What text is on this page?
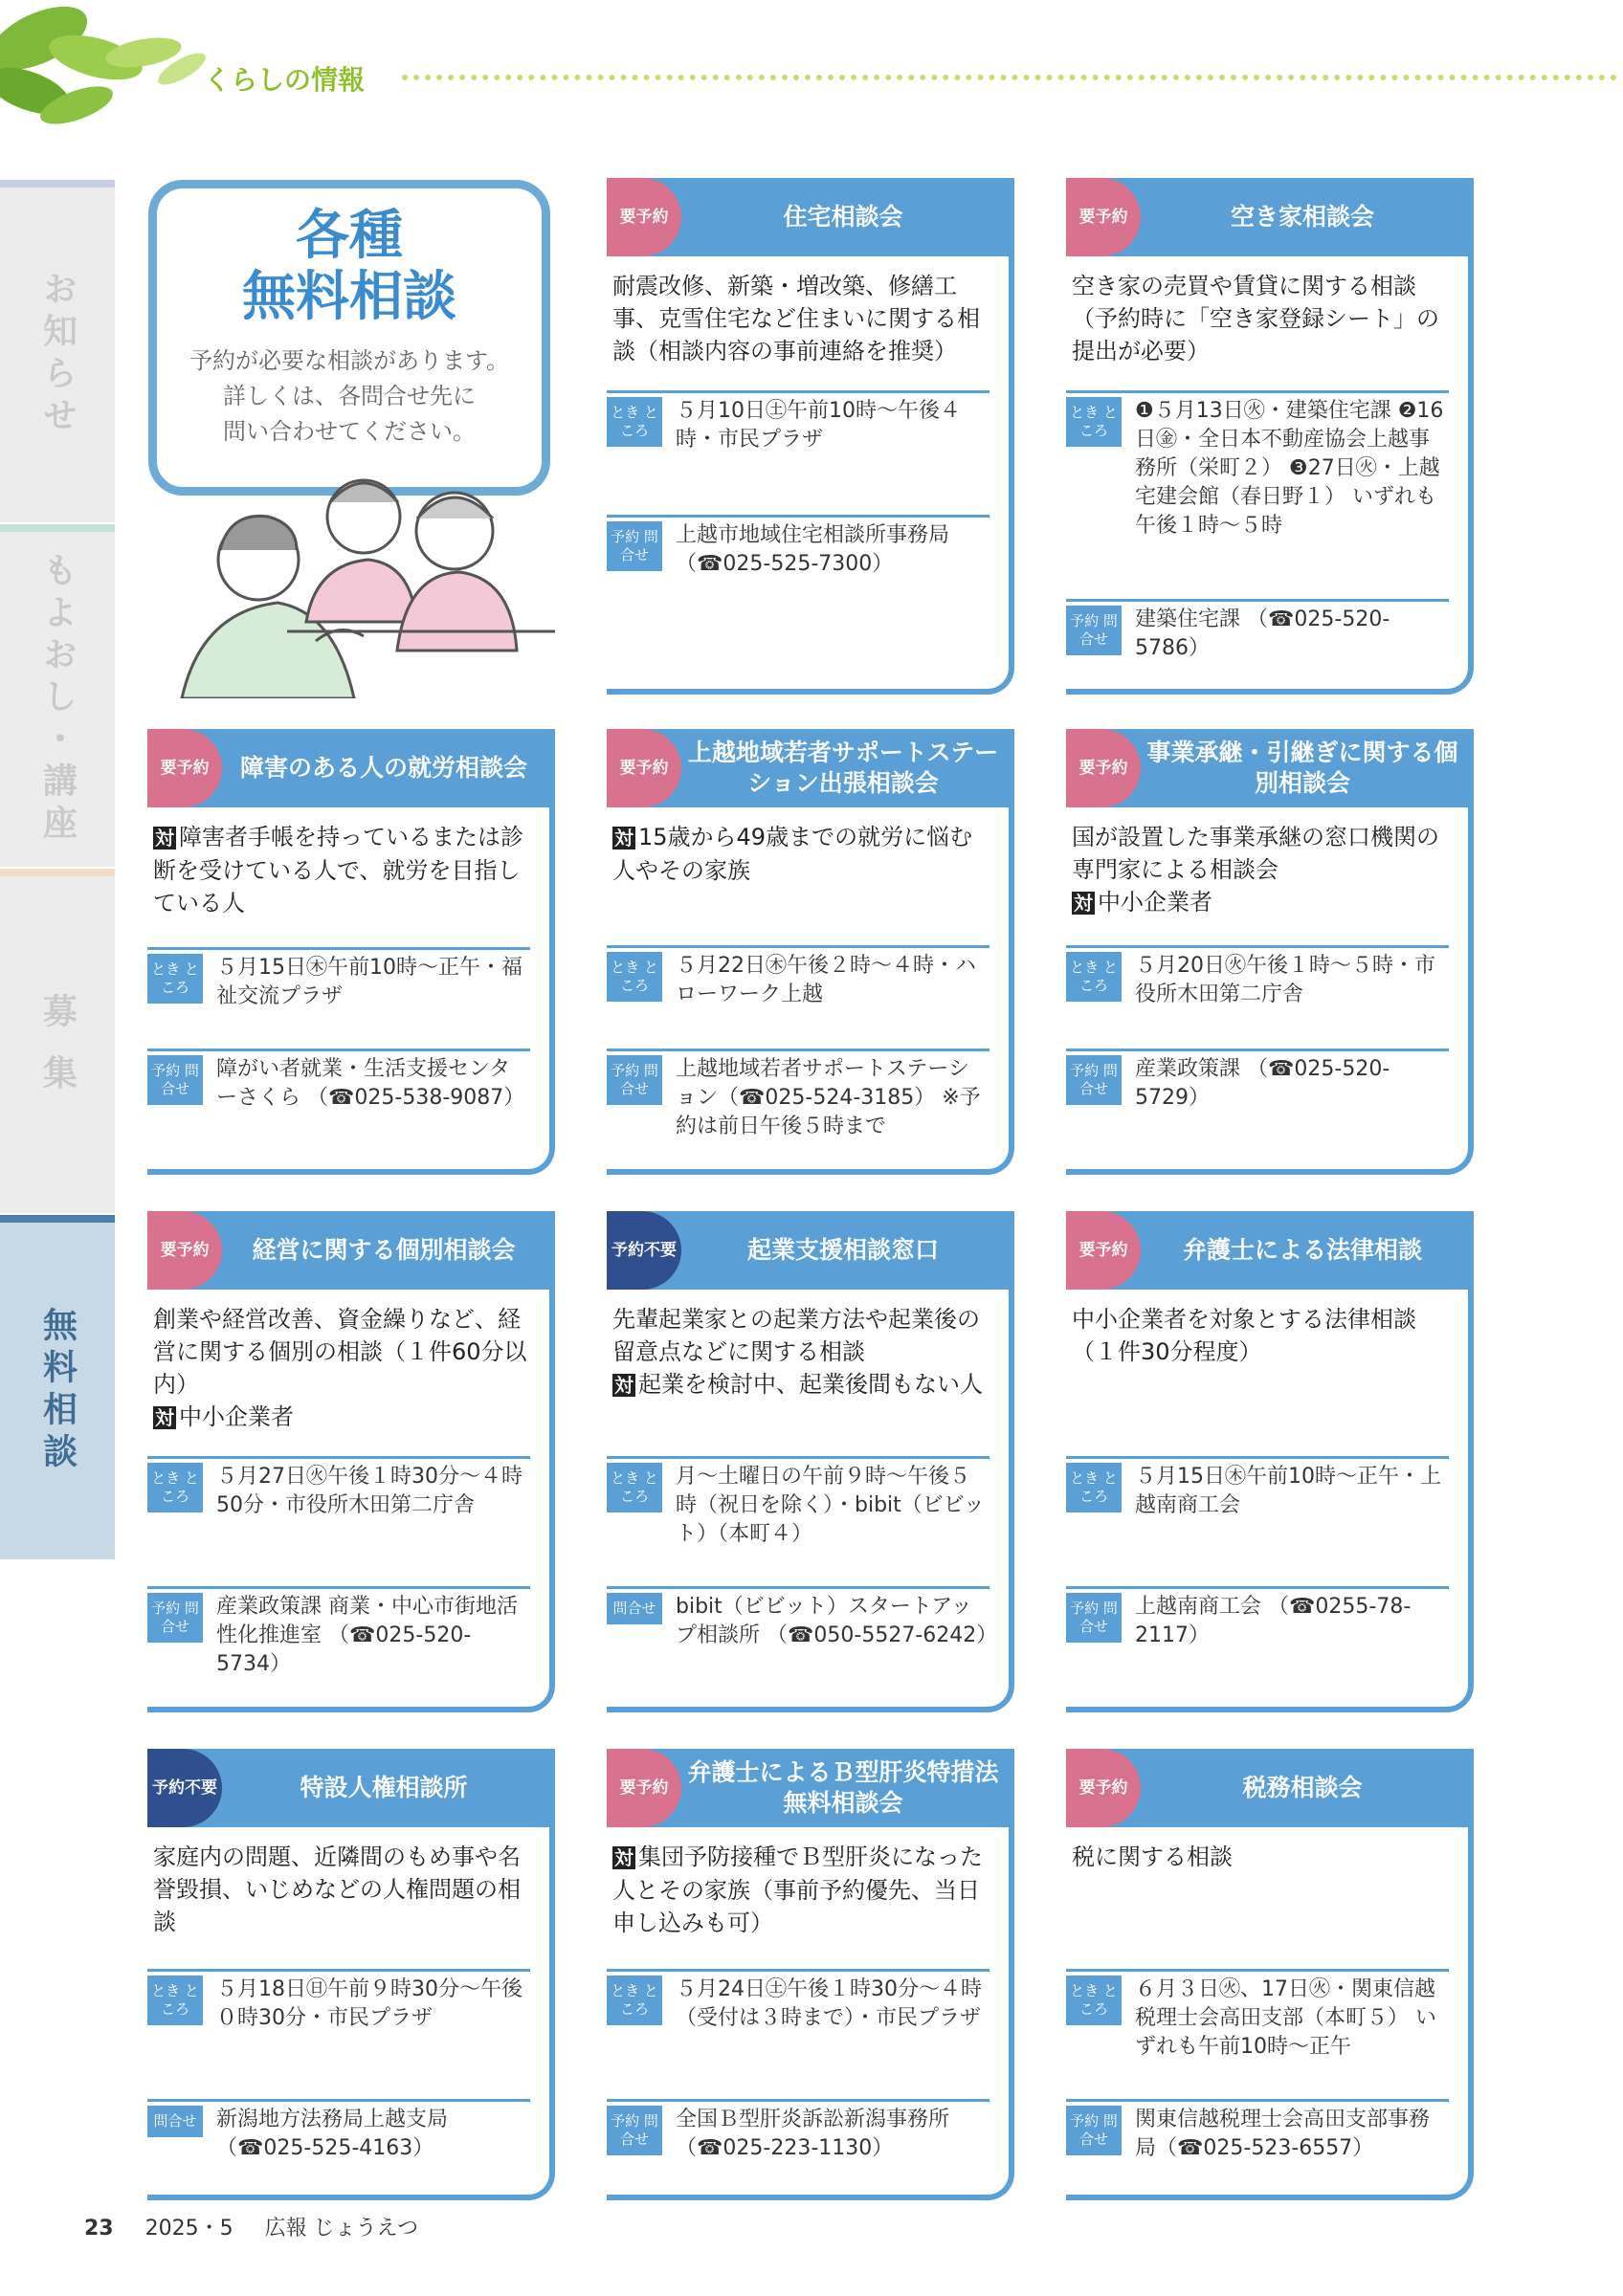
くらしの情報
お知らせ
もよおし・講座
募 集
無料相談
各種
無料相談
予約が必要な相談があります。
詳しくは、各問合せ先に
問い合わせてください。
要予約	住宅相談会
耐震改修、新築・増改築、修繕工事、克雪住宅など住まいに関する相談（相談内容の事前連絡を推奨）
とき ところ
５月10日㊏午前10時～午後４時・市民プラザ
予約 問合せ
上越市地域住宅相談所事務局 （☎025-525-7300）
要予約	空き家相談会
空き家の売買や賃貸に関する相談（予約時に「空き家登録シート」の提出が必要）
とき ところ
❶５月13日㊋・建築住宅課 ❷16日㊎・全日本不動産協会上越事務所（栄町２） ❸27日㊋・上越宅建会館（春日野１） いずれも午後１時～５時
予約 問合せ
建築住宅課 （☎025-520-5786）
要予約	障害のある人の就労相談会
対 障害者手帳を持っているまたは診断を受けている人で、就労を目指している人
とき ところ
５月15日㊍午前10時～正午・福祉交流プラザ
予約 問合せ
障がい者就業・生活支援センターさくら （☎025-538-9087）
要予約
上越地域若者サポートステーション出張相談会
対 15歳から49歳までの就労に悩む人やその家族
とき ところ
５月22日㊍午後２時～４時・ハローワーク上越
予約 問合せ
上越地域若者サポートステーション（☎025-524-3185） ※予約は前日午後５時まで
要予約
事業承継・引継ぎに関する個別相談会
国が設置した事業承継の窓口機関の専門家による相談会
対 中小企業者
とき ところ
５月20日㊋午後１時～５時・市役所木田第二庁舎
予約 問合せ
産業政策課 （☎025-520-5729）
要予約	経営に関する個別相談会
創業や経営改善、資金繰りなど、経営に関する個別の相談（１件60分以内）
対 中小企業者
とき ところ
５月27日㊋午後１時30分～４時50分・市役所木田第二庁舎
予約 問合せ
産業政策課 商業・中心市街地活性化推進室 （☎025-520-5734）
予約不要	起業支援相談窓口
先輩起業家との起業方法や起業後の留意点などに関する相談
対 起業を検討中、起業後間もない人
とき ところ
月～土曜日の午前９時～午後５時（祝日を除く）・bibit（ビビット）（本町４）
問合せ bibit（ビビット）スタートアップ相談所 （☎050-5527-6242）
要予約	弁護士による法律相談
中小企業者を対象とする法律相談（１件30分程度）
とき ところ
５月15日㊍午前10時～正午・上越南商工会
予約 問合せ
上越南商工会 （☎0255-78-2117）
予約不要	特設人権相談所
家庭内の問題、近隣間のもめ事や名誉毀損、いじめなどの人権問題の相談
とき ところ
５月18日㊐午前９時30分～午後０時30分・市民プラザ
問合せ 新潟地方法務局上越支局 （☎025-525-4163）
要予約
弁護士によるＢ型肝炎特措法無料相談会
対 集団予防接種でＢ型肝炎になった人とその家族（事前予約優先、当日申し込みも可）
とき ところ
５月24日㊏午後１時30分～４時（受付は３時まで）・市民プラザ
予約 問合せ
全国Ｂ型肝炎訴訟新潟事務所 （☎025-223-1130）
要予約	税務相談会
税に関する相談
とき ところ
６月３日㊋、17日㊋・関東信越税理士会高田支部（本町５） いずれも午前10時～正午
予約 問合せ
関東信越税理士会高田支部事務局（☎025-523-6557）
23 2025・5 広報 じょうえつ
